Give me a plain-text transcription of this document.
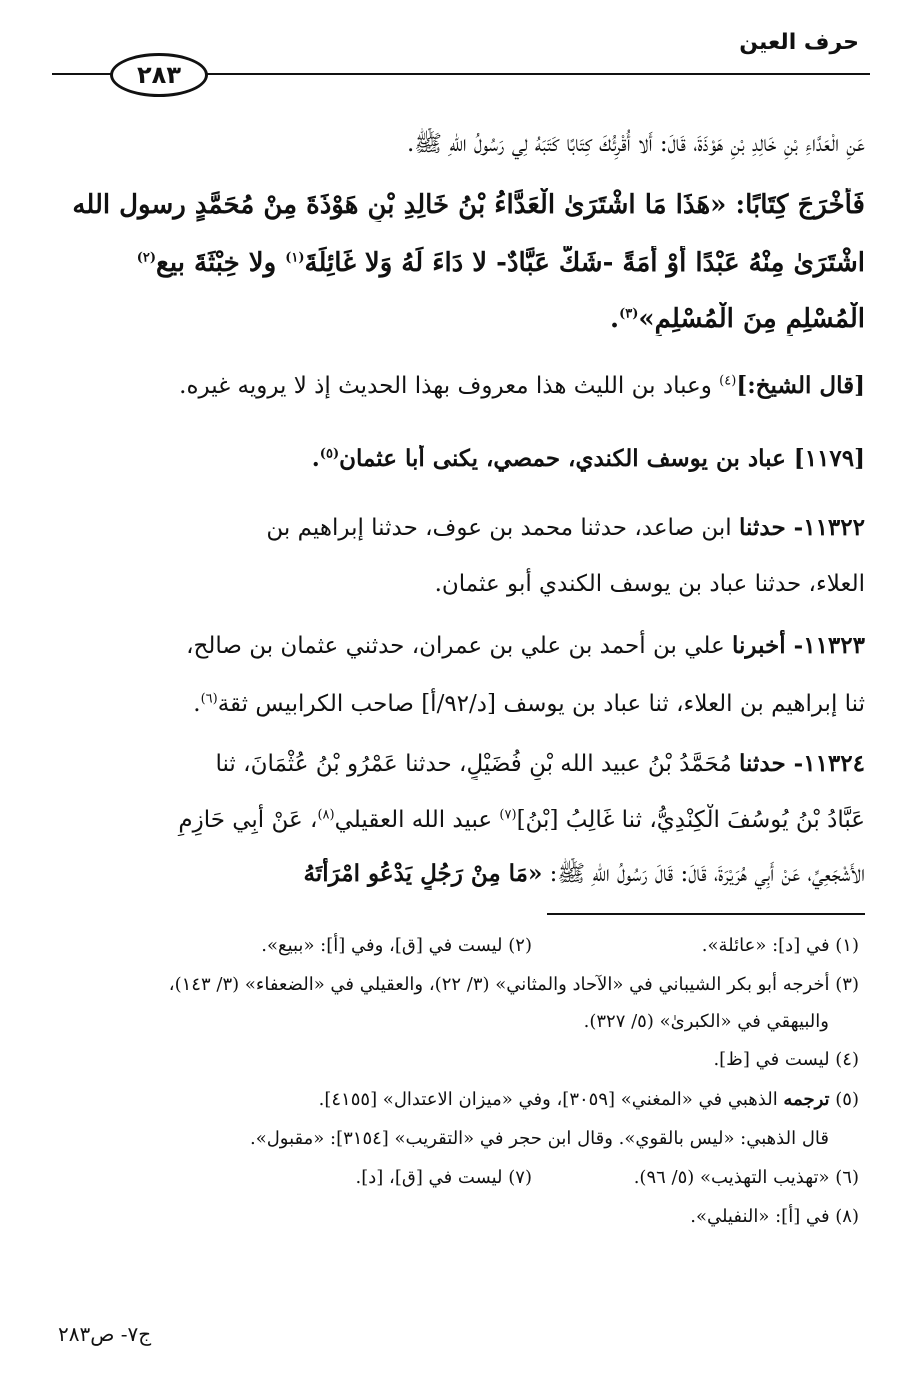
حرف العين
٢٨٣
عَنِ الْعَدَّاءِ بْنِ خَالِدِ بْنِ هَوْذَةَ، قَالَ: أَلا أُقْرِئُكَ كِتَابًا كَتَبَهُ لِي رَسُولُ اللهِ ﷺ.
فَأَخْرَجَ كِتَابًا: «هَذَا مَا اشْتَرَىٰ الْعَدَّاءُ بْنُ خَالِدِ بْنِ هَوْذَةَ مِنْ مُحَمَّدٍ رسول الله
اشْتَرَىٰ مِنْهُ عَبْدًا أَوْ أَمَةً -شَكَّ عَبَّادٌ- لا دَاءَ لَهُ وَلا غَائِلَةَ$^{(١)}$ ولا خِبْثَةَ بيع$^{(٢)}$
الْمُسْلِمِ مِنَ الْمُسْلِمِ»$^{(٣)}$.
[قال الشيخ:]$^{(٤)}$ وعباد بن الليث هذا معروف بهذا الحديث إذ لا يرويه غيره.
[١١٧٩] عباد بن يوسف الكندي، حمصي، يكنى أبا عثمان$^{(٥)}$.
١١٣٢٢- حدثنا ابن صاعد، حدثنا محمد بن عوف، حدثنا إبراهيم بن
العلاء، حدثنا عباد بن يوسف الكندي أبو عثمان.
١١٣٢٣- أخبرنا علي بن أحمد بن علي بن عمران، حدثني عثمان بن صالح،
ثنا إبراهيم بن العلاء، ثنا عباد بن يوسف [د/٩٢/أ] صاحب الكرابيس ثقة$^{(٦)}$.
١١٣٢٤- حدثنا مُحَمَّدُ بْنُ عبيد الله بْنِ فُضَيْلٍ، حدثنا عَمْرُو بْنُ عُثْمَانَ، ثنا
عَبَّادُ بْنُ يُوسُفَ الْكِنْدِيُّ، ثنا غَالِبُ [بْنُ]$^{(٧)}$ عبيد الله العقيلي$^{(٨)}$، عَنْ أَبِي حَازِمٍ
الأَشْجَعِيِّ، عَنْ أَبِي هُرَيْرَةَ، قَالَ: قَالَ رَسُولُ اللهِ ﷺ: «مَا مِنْ رَجُلٍ يَدْعُو امْرَأَتَهُ
(١) في [د]: «عائلة».
(٢) ليست في [ق]، وفي [أ]: «ببيع».
(٣) أخرجه أبو بكر الشيباني في «الآحاد والمثاني» (٣/ ٢٢)، والعقيلي في «الضعفاء» (٣/ ١٤٣)،
والبيهقي في «الكبرىٰ» (٥/ ٣٢٧).
(٤) ليست في [ظ].
(٥) ترجمه الذهبي في «المغني» [٣٠٥٩]، وفي «ميزان الاعتدال» [٤١٥٥].
قال الذهبي: «ليس بالقوي». وقال ابن حجر في «التقريب» [٣١٥٤]: «مقبول».
(٦) «تهذيب التهذيب» (٥/ ٩٦).
(٧) ليست في [ق]، [د].
(٨) في [أ]: «النفيلي».
ج٧- ص٢٨٣
